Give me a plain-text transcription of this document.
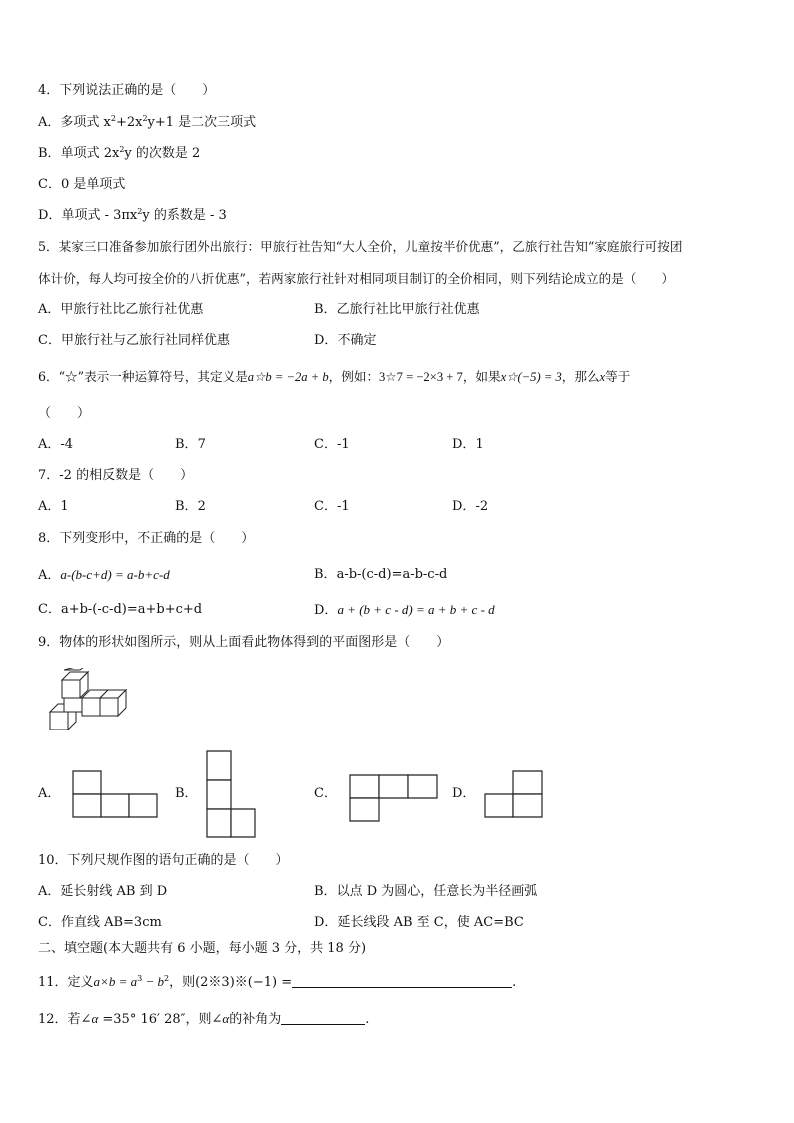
4．下列说法正确的是（　　）
A．多项式 $x^2+2x^2y+1$ 是二次三项式
B．单项式 $2x^2y$ 的次数是 2
C．0 是单项式
D．单项式 - $3\pi x^2y$ 的系数是 - 3
5．某家三口准备参加旅行团外出旅行：甲旅行社告知“大人全价，儿童按半价优惠”，乙旅行社告知“家庭旅行可按团
体计价，每人均可按全价的八折优惠”，若两家旅行社针对相同项目制订的全价相同，则下列结论成立的是（　　）
A．甲旅行社比乙旅行社优惠	B．乙旅行社比甲旅行社优惠
C．甲旅行社与乙旅行社同样优惠	D．不确定
6．“☆”表示一种运算符号，其定义是a☆b = −2a + b，例如：3☆7 = −2×3 + 7，如果x☆(−5) = 3，那么x等于
（　　）
A．-4	B．7	C．-1	D．1
7．-2 的相反数是（　　）
A．1	B．2	C．-1	D．-2
8．下列变形中，不正确的是（　　）
A．a-(b-c+d) = a-b+c-d	B．a-b-(c-d)=a-b-c-d
C．a+b-(-c-d)=a+b+c+d	D．a + (b + c - d) = a + b + c - d
9．物体的形状如图所示，则从上面看此物体得到的平面图形是（　　）
A．	B．	C．	D．
10．下列尺规作图的语句正确的是（　　）
A．延长射线 AB 到 D	B．以点 D 为圆心，任意长为半径画弧
C．作直线 AB=3cm	D．延长线段 AB 至 C，使 AC=BC
二、填空题(本大题共有 6 小题，每小题 3 分，共 18 分)
11．定义$a\times b = a^3 - b^2$，则(2※3)※(−1) =	.
12．若∠α =35° 16′ 28″，则∠α的补角为	.
